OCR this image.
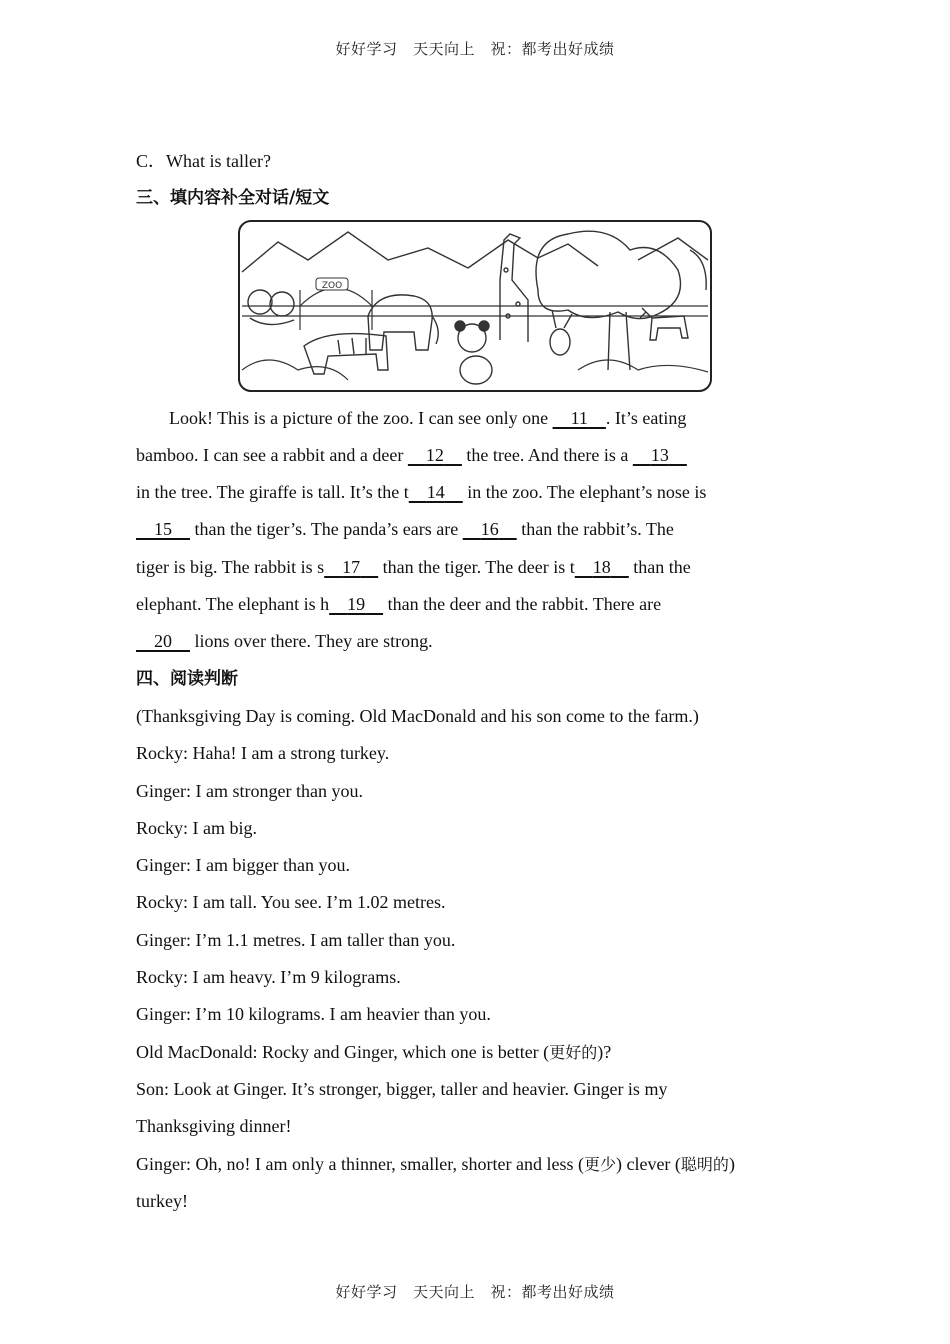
好好学习　天天向上　祝：都考出好成绩
C．What is taller?
三、填内容补全对话/短文
ZOO
Look! This is a picture of the zoo. I can see only one 11 . It’s eating
bamboo. I can see a rabbit and a deer 12 the tree. And there is a 13
in the tree. The giraffe is tall. It’s the t 14 in the zoo. The elephant’s nose is
15 than the tiger’s. The panda’s ears are 16 than the rabbit’s. The
tiger is big. The rabbit is s 17 than the tiger. The deer is t 18 than the
elephant. The elephant is h 19 than the deer and the rabbit. There are
20 lions over there. They are strong.
四、阅读判断
(Thanksgiving Day is coming. Old MacDonald and his son come to the farm.)
Rocky: Haha! I am a strong turkey.
Ginger: I am stronger than you.
Rocky: I am big.
Ginger: I am bigger than you.
Rocky: I am tall. You see. I’m 1.02 metres.
Ginger: I’m 1.1 metres. I am taller than you.
Rocky: I am heavy. I’m 9 kilograms.
Ginger: I’m 10 kilograms. I am heavier than you.
Old MacDonald: Rocky and Ginger, which one is better (更好的)?
Son: Look at Ginger. It’s stronger, bigger, taller and heavier. Ginger is my
Thanksgiving dinner!
Ginger: Oh, no! I am only a thinner, smaller, shorter and less (更少) clever (聪明的)
turkey!
好好学习　天天向上　祝：都考出好成绩
